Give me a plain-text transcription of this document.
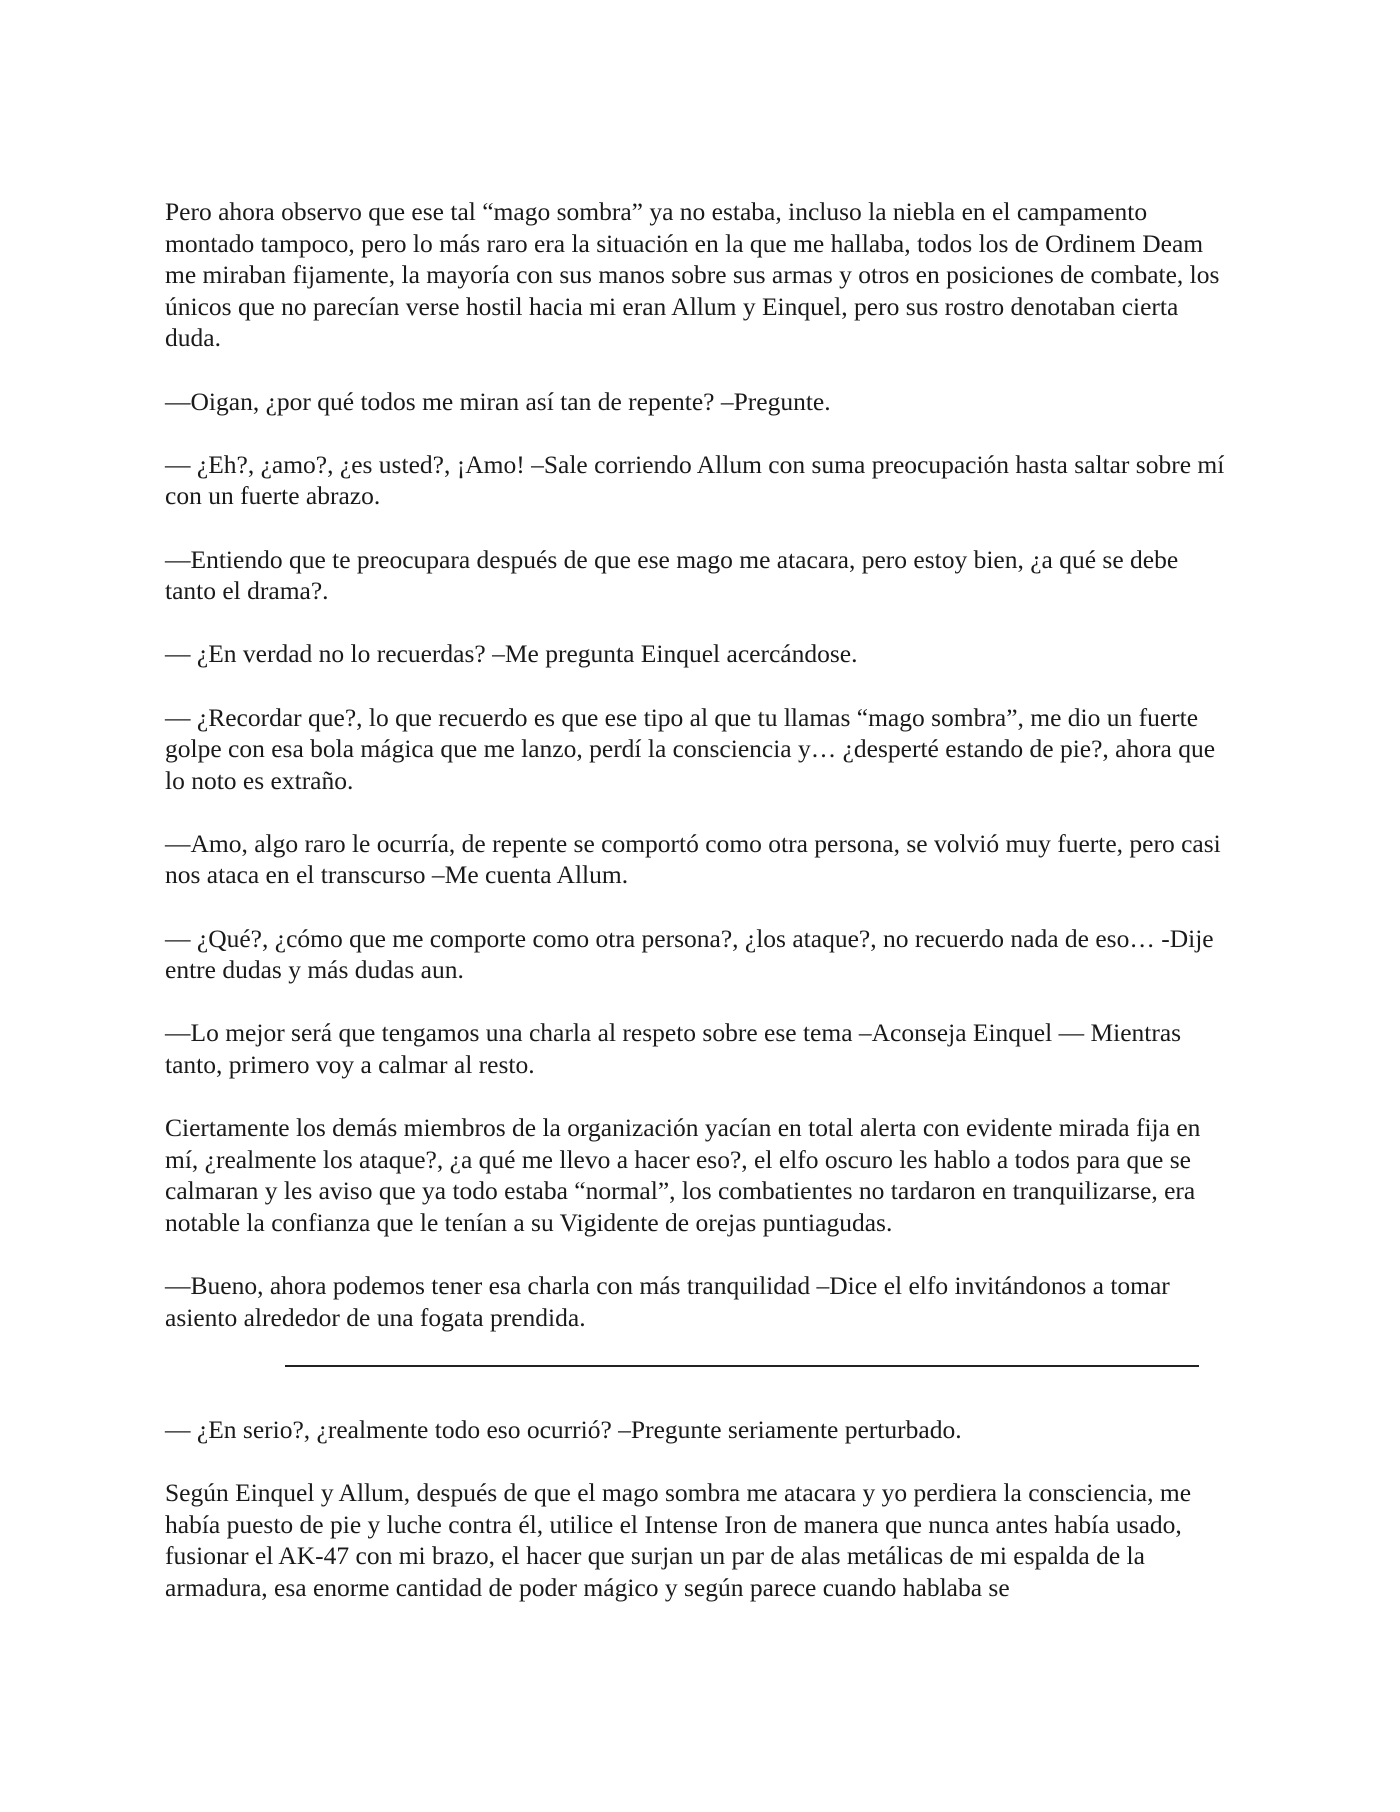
Pero ahora observo que ese tal “mago sombra” ya no estaba, incluso la niebla en el campamento montado tampoco, pero lo más raro era la situación en la que me hallaba, todos los de Ordinem Deam me miraban fijamente, la mayoría con sus manos sobre sus armas y otros en posiciones de combate, los únicos que no parecían verse hostil hacia mi eran Allum y Einquel, pero sus rostro denotaban cierta duda.

—Oigan, ¿por qué todos me miran así tan de repente? –Pregunte.

— ¿Eh?, ¿amo?, ¿es usted?, ¡Amo! –Sale corriendo Allum con suma preocupación hasta saltar sobre mí con un fuerte abrazo.

—Entiendo que te preocupara después de que ese mago me atacara, pero estoy bien, ¿a qué se debe tanto el drama?.

— ¿En verdad no lo recuerdas? –Me pregunta Einquel acercándose.

— ¿Recordar que?, lo que recuerdo es que ese tipo al que tu llamas “mago sombra”, me dio un fuerte golpe con esa bola mágica que me lanzo, perdí la consciencia y… ¿desperté estando de pie?, ahora que lo noto es extraño.

—Amo, algo raro le ocurría, de repente se comportó como otra persona, se volvió muy fuerte, pero casi nos ataca en el transcurso –Me cuenta Allum.

— ¿Qué?, ¿cómo que me comporte como otra persona?, ¿los ataque?, no recuerdo nada de eso… -Dije entre dudas y más dudas aun.

—Lo mejor será que tengamos una charla al respeto sobre ese tema –Aconseja Einquel — Mientras tanto, primero voy a calmar al resto.

Ciertamente los demás miembros de la organización yacían en total alerta con evidente mirada fija en mí, ¿realmente los ataque?, ¿a qué me llevo a hacer eso?, el elfo oscuro les hablo a todos para que se calmaran y les aviso que ya todo estaba “normal”, los combatientes no tardaron en tranquilizarse, era notable la confianza que le tenían a su Vigidente de orejas puntiagudas.

—Bueno, ahora podemos tener esa charla con más tranquilidad –Dice el elfo invitándonos a tomar asiento alrededor de una fogata prendida.

— ¿En serio?, ¿realmente todo eso ocurrió? –Pregunte seriamente perturbado.

Según Einquel y Allum, después de que el mago sombra me atacara y yo perdiera la consciencia, me había puesto de pie y luche contra él, utilice el Intense Iron de manera que nunca antes había usado, fusionar el AK-47 con mi brazo, el hacer que surjan un par de alas metálicas de mi espalda de la armadura, esa enorme cantidad de poder mágico y según parece cuando hablaba se
